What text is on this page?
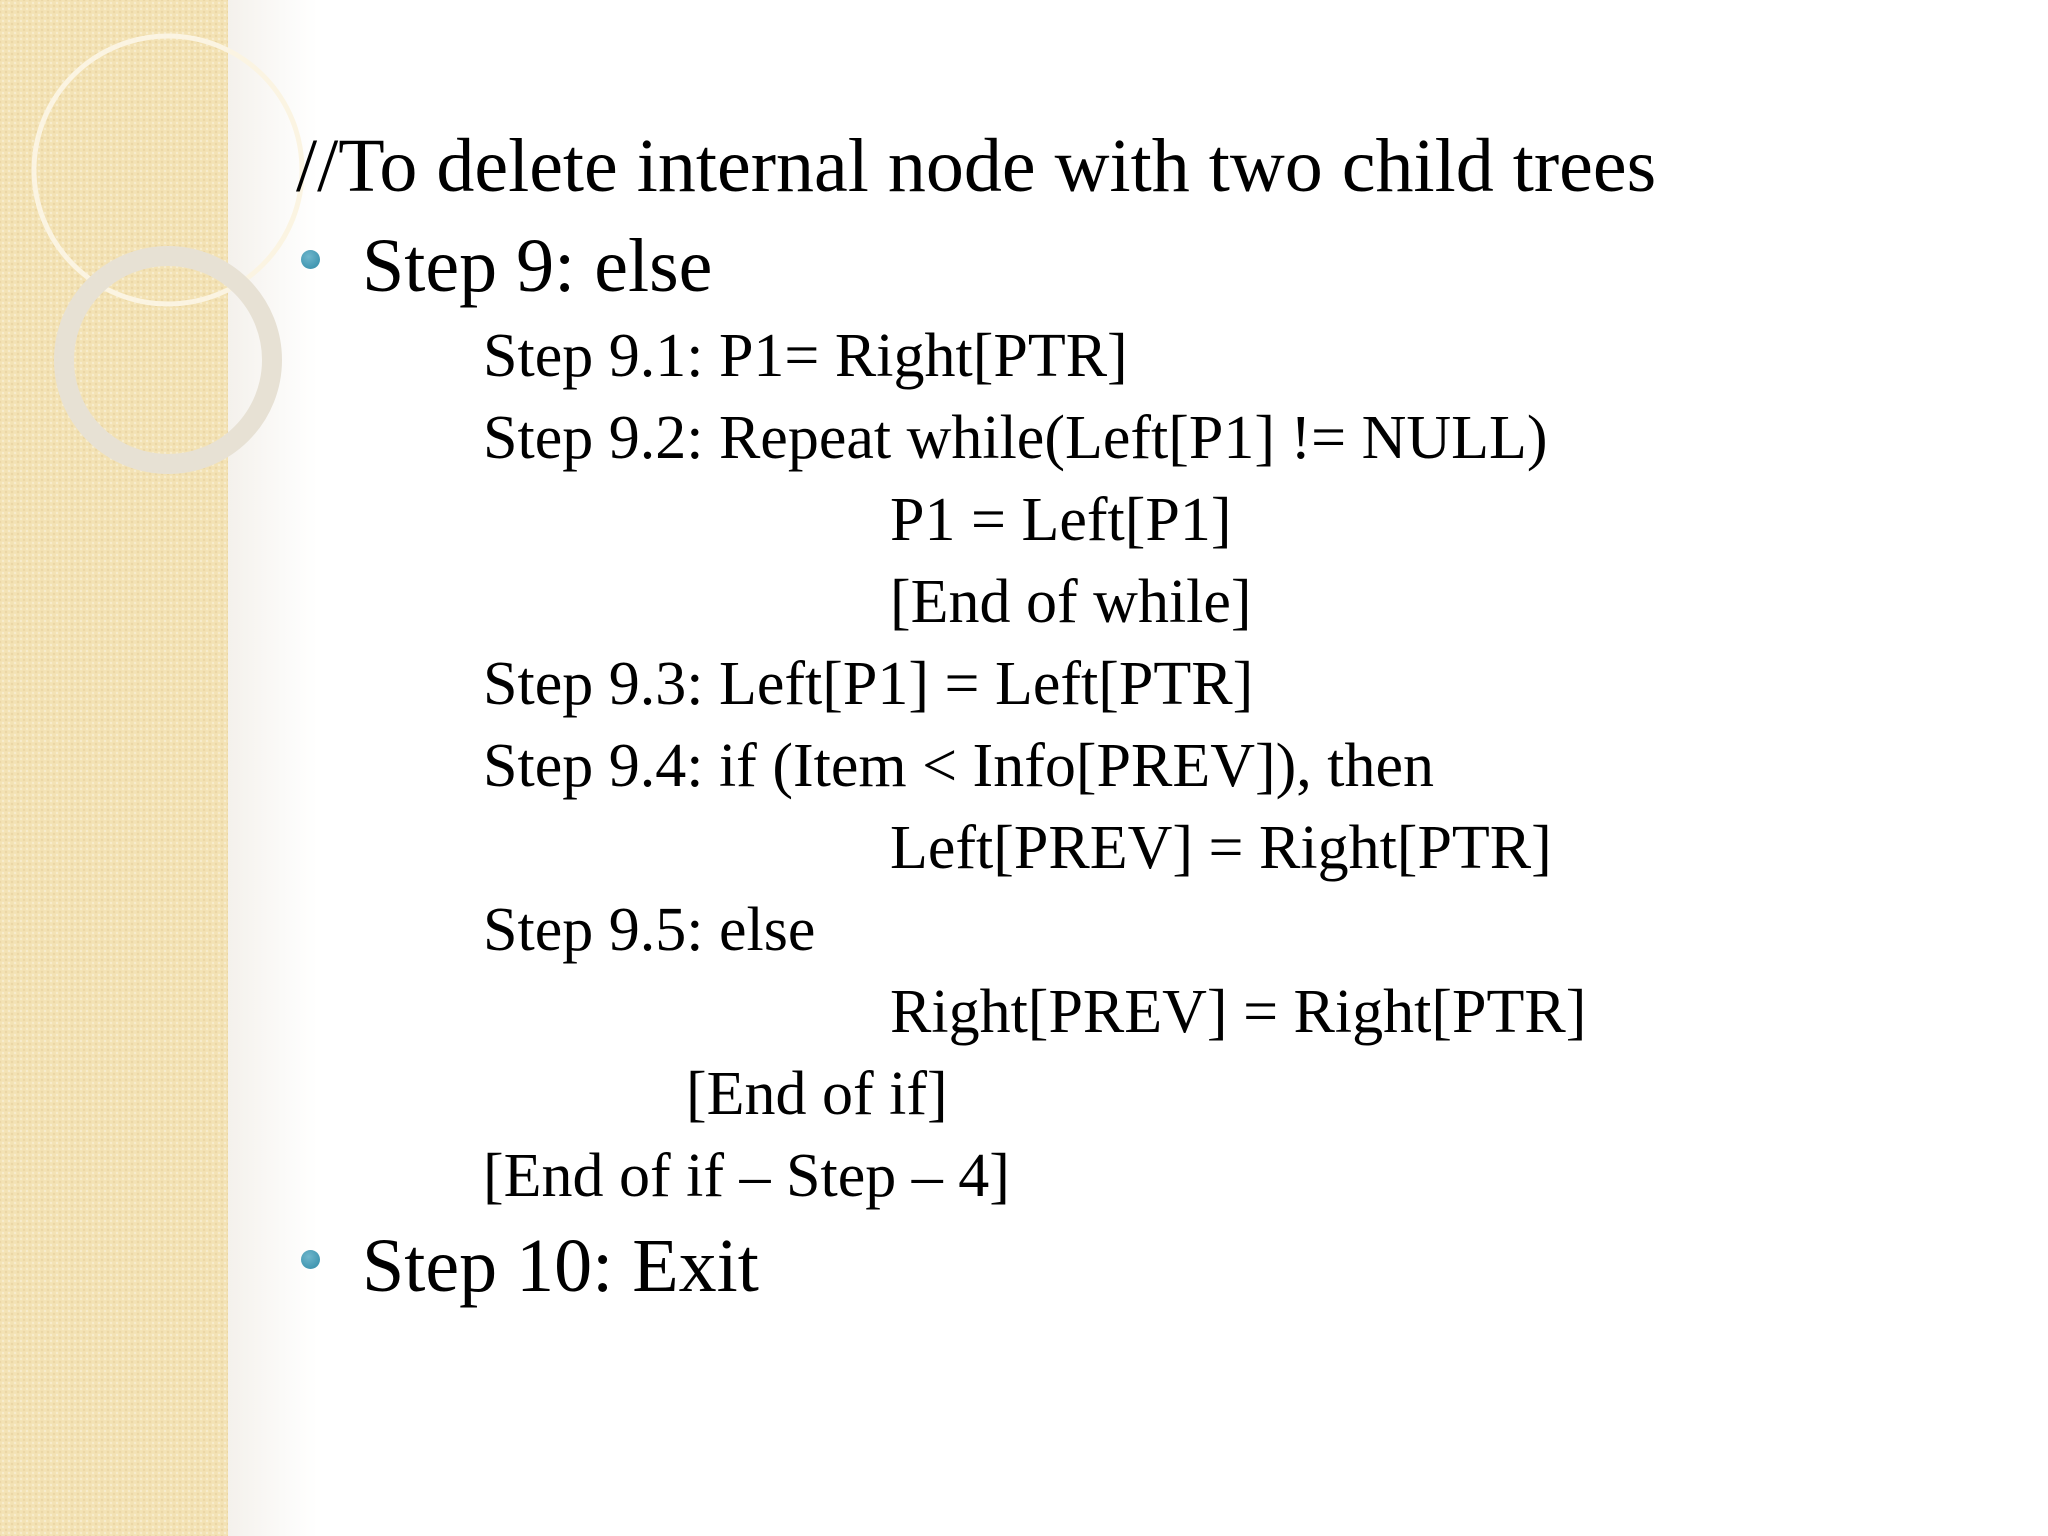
//To delete internal node with two child trees
Step 9: else
Step 9.1: P1= Right[PTR]
Step 9.2: Repeat while(Left[P1] != NULL)
P1 = Left[P1]
[End of while]
Step 9.3: Left[P1] = Left[PTR]
Step 9.4: if (Item < Info[PREV]), then
Left[PREV] = Right[PTR]
Step 9.5: else
Right[PREV] = Right[PTR]
[End of if]
[End of if – Step – 4]
Step 10: Exit
